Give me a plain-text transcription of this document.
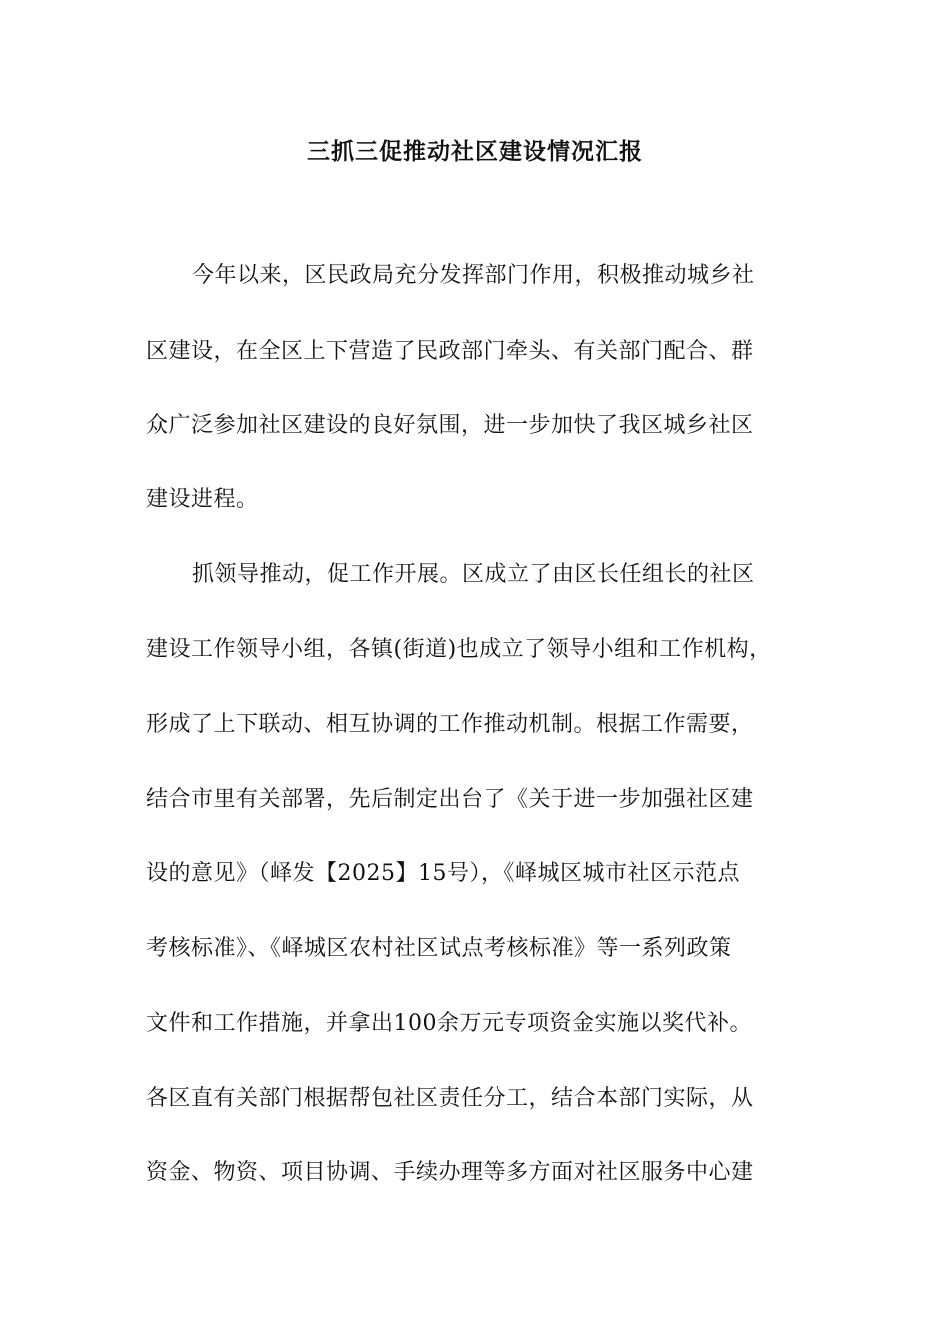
三抓三促推动社区建设情况汇报
今年以来，区民政局充分发挥部门作用，积极推动城乡社
区建设，在全区上下营造了民政部门牵头、有关部门配合、群
众广泛参加社区建设的良好氛围，进一步加快了我区城乡社区
建设进程。
抓领导推动，促工作开展。区成立了由区长任组长的社区
建设工作领导小组，各镇(街道)也成立了领导小组和工作机构，
形成了上下联动、相互协调的工作推动机制。根据工作需要，
结合市里有关部署，先后制定出台了《关于进一步加强社区建
设的意见》（峄发【2025】15号），《峄城区城市社区示范点
考核标准》、《峄城区农村社区试点考核标准》等一系列政策
文件和工作措施，并拿出100余万元专项资金实施以奖代补。
各区直有关部门根据帮包社区责任分工，结合本部门实际，从
资金、物资、项目协调、手续办理等多方面对社区服务中心建
